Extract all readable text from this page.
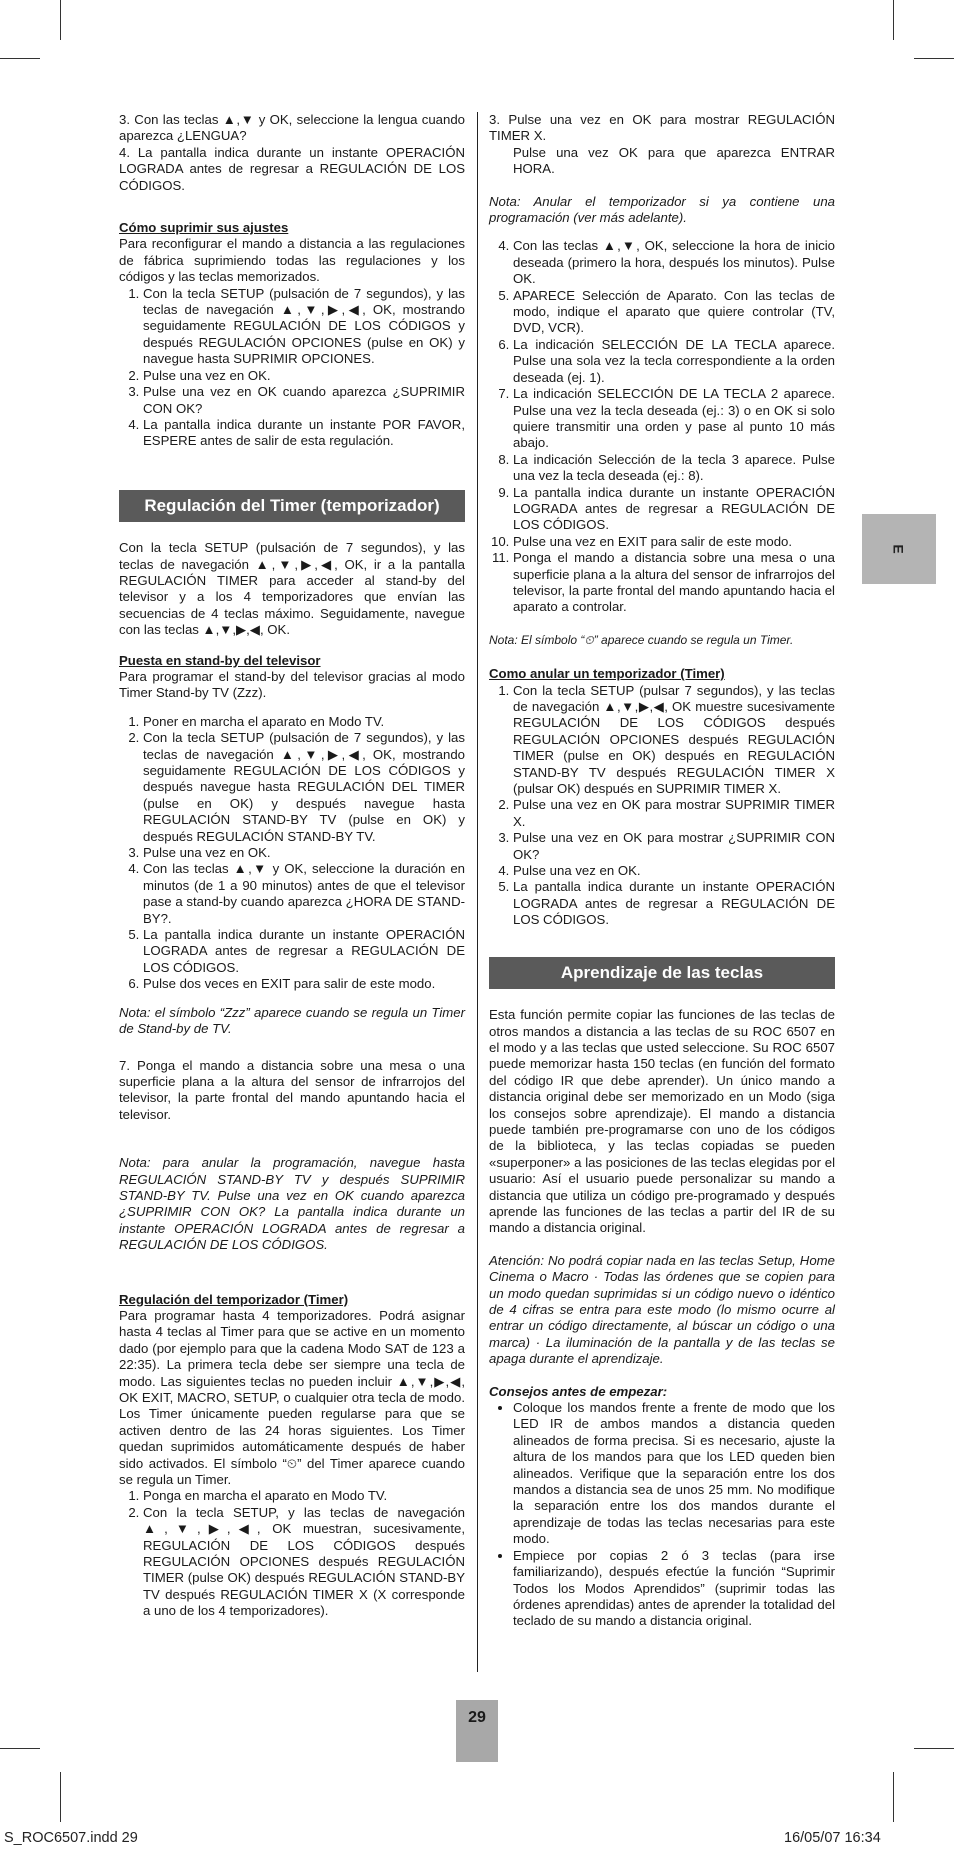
3. Con las teclas ▲,▼ y OK, seleccione la lengua cuando aparezca ¿LENGUA?

4. La pantalla indica durante un instante OPERACIÓN LOGRADA antes de regresar a REGULACIÓN DE LOS CÓDIGOS.

Cómo suprimir sus ajustes

Para reconfigurar el mando a distancia a las regulaciones de fábrica suprimiendo todas las regulaciones y los códigos y las teclas memorizados.

1. Con la tecla SETUP (pulsación de 7 segundos), y las teclas de navegación ▲,▼,▶,◀, OK, mostrando seguidamente REGULACIÓN DE LOS CÓDIGOS y después REGULACIÓN OPCIONES (pulse en OK) y navegue hasta SUPRIMIR OPCIONES.
2. Pulse una vez en OK.
3. Pulse una vez en OK cuando aparezca ¿SUPRIMIR CON OK?
4. La pantalla indica durante un instante POR FAVOR, ESPERE antes de salir de esta regulación.
Regulación del Timer (temporizador)

Con la tecla SETUP (pulsación de 7 segundos), y las teclas de navegación ▲,▼,▶,◀, OK, ir a la pantalla REGULACIÓN TIMER para acceder al stand-by del televisor y a los 4 temporizadores que envían las secuencias de 4 teclas máximo. Seguidamente, navegue con las teclas ▲,▼,▶,◀, OK.

Puesta en stand-by del televisor

Para programar el stand-by del televisor gracias al modo Timer Stand-by TV (Zzz).

1. Poner en marcha el aparato en Modo TV.
2. Con la tecla SETUP (pulsación de 7 segundos), y las teclas de navegación ▲,▼,▶,◀, OK, mostrando seguidamente REGULACIÓN DE LOS CÓDIGOS y después navegue hasta REGULACIÓN DEL TIMER (pulse en OK) y después navegue hasta REGULACIÓN STAND-BY TV (pulse en OK) y después REGULACIÓN STAND-BY TV.
3. Pulse una vez en OK.
4. Con las teclas ▲,▼ y OK, seleccione la duración en minutos (de 1 a 90 minutos) antes de que el televisor pase a stand-by cuando aparezca ¿HORA DE STAND-BY?.
5. La pantalla indica durante un instante OPERACIÓN LOGRADA antes de regresar a REGULACIÓN DE LOS CÓDIGOS.
6. Pulse dos veces en EXIT para salir de este modo.

Nota: el símbolo “Zzz” aparece cuando se regula un Timer de Stand-by de TV.

7. Ponga el mando a distancia sobre una mesa o una superficie plana a la altura del sensor de infrarrojos del televisor, la parte frontal del mando apuntando hacia el televisor.

Nota: para anular la programación, navegue hasta REGULACIÓN STAND-BY TV y después SUPRIMIR STAND-BY TV. Pulse una vez en OK cuando aparezca ¿SUPRIMIR CON OK? La pantalla indica durante un instante OPERACIÓN LOGRADA antes de regresar a REGULACIÓN DE LOS CÓDIGOS.

Regulación del temporizador (Timer)

Para programar hasta 4 temporizadores. Podrá asignar hasta 4 teclas al Timer para que se active en un momento dado (por ejemplo para que la cadena Modo SAT de 123 a 22:35). La primera tecla debe ser siempre una tecla de modo. Las siguientes teclas no pueden incluir ▲,▼,▶,◀, OK EXIT, MACRO, SETUP, o cualquier otra tecla de modo. Los Timer únicamente pueden regularse para que se activen dentro de las 24 horas siguientes. Los Timer quedan suprimidos automáticamente después de haber sido activados. El símbolo “⏲” del Timer aparece cuando se regula un Timer.

1. Ponga en marcha el aparato en Modo TV.
2. Con la tecla SETUP, y las teclas de navegación ▲,▼,▶,◀, OK muestran, sucesivamente, REGULACIÓN DE LOS CÓDIGOS después REGULACIÓN OPCIONES después REGULACIÓN TIMER (pulse OK) después REGULACIÓN STAND-BY TV después REGULACIÓN TIMER X (X corresponde a uno de los 4 temporizadores).

3. Pulse una vez en OK para mostrar REGULACIÓN TIMER X.

Pulse una vez OK para que aparezca ENTRAR HORA.

Nota: Anular el temporizador si ya contiene una programación (ver más adelante).

4. Con las teclas ▲,▼, OK, seleccione la hora de inicio deseada (primero la hora, después los minutos). Pulse OK.
5. APARECE Selección de Aparato. Con las teclas de modo, indique el aparato que quiere controlar (TV, DVD, VCR).
6. La indicación SELECCIÓN DE LA TECLA aparece. Pulse una sola vez la tecla correspondiente a la orden deseada (ej. 1).
7. La indicación SELECCIÓN DE LA TECLA 2 aparece. Pulse una vez la tecla deseada (ej.: 3) o en OK si solo quiere transmitir una orden y pase al punto 10 más abajo.
8. La indicación Selección de la tecla 3 aparece. Pulse una vez la tecla deseada (ej.: 8).
9. La pantalla indica durante un instante OPERACIÓN LOGRADA antes de regresar a REGULACIÓN DE LOS CÓDIGOS.
10. Pulse una vez en EXIT para salir de este modo.
11. Ponga el mando a distancia sobre una mesa o una superficie plana a la altura del sensor de infrarrojos del televisor, la parte frontal del mando apuntando hacia el aparato a controlar.

Nota: El símbolo “⏲” aparece cuando se regula un Timer.

Como anular un temporizador (Timer)

1. Con la tecla SETUP (pulsar 7 segundos), y las teclas de navegación ▲,▼,▶,◀, OK muestre sucesivamente REGULACIÓN DE LOS CÓDIGOS después REGULACIÓN OPCIONES después REGULACIÓN TIMER (pulse en OK) después en REGULACIÓN STAND-BY TV después REGULACIÓN TIMER X (pulsar OK) después en SUPRIMIR TIMER X.
2. Pulse una vez en OK para mostrar SUPRIMIR TIMER X.
3. Pulse una vez en OK para mostrar ¿SUPRIMIR CON OK?
4. Pulse una vez en OK.
5. La pantalla indica durante un instante OPERACIÓN LOGRADA antes de regresar a REGULACIÓN DE LOS CÓDIGOS.
Aprendizaje de las teclas

Esta función permite copiar las funciones de las teclas de otros mandos a distancia a las teclas de su ROC 6507 en el modo y a las teclas que usted seleccione. Su ROC 6507 puede memorizar hasta 150 teclas (en función del formato del código IR que debe aprender). Un único mando a distancia original debe ser memorizado en un Modo (siga los consejos sobre aprendizaje). El mando a distancia puede también pre-programarse con uno de los códigos de la biblioteca, y las teclas copiadas se pueden «superponer» a las posiciones de las teclas elegidas por el usuario: Así el usuario puede personalizar su mando a distancia que utiliza un código pre-programado y después aprende las funciones de las teclas a partir del IR de su mando a distancia original.

Atención: No podrá copiar nada en las teclas Setup, Home Cinema o Macro · Todas las órdenes que se copien para un modo quedan suprimidas si un código nuevo o idéntico de 4 cifras se entra para este modo (lo mismo ocurre al entrar un código directamente, al búscar un código o una marca) · La iluminación de la pantalla y de las teclas se apaga durante el aprendizaje.

Consejos antes de empezar:

• Coloque los mandos frente a frente de modo que los LED IR de ambos mandos a distancia queden alineados de forma precisa. Si es necesario, ajuste la altura de los mandos para que los LED queden bien alineados. Verifique que la separación entre los dos mandos a distancia sea de unos 25 mm. No modifique la separación entre los dos mandos durante el aprendizaje de todas las teclas necesarias para este modo.
• Empiece por copias 2 ó 3 teclas (para irse familiarizando), después efectúe la función “Suprimir Todos los Modos Aprendidos” (suprimir todas las órdenes aprendidas) antes de aprender la totalidad del teclado de su mando a distancia original.
E
29
S_ROC6507.indd 29	16/05/07 16:34
